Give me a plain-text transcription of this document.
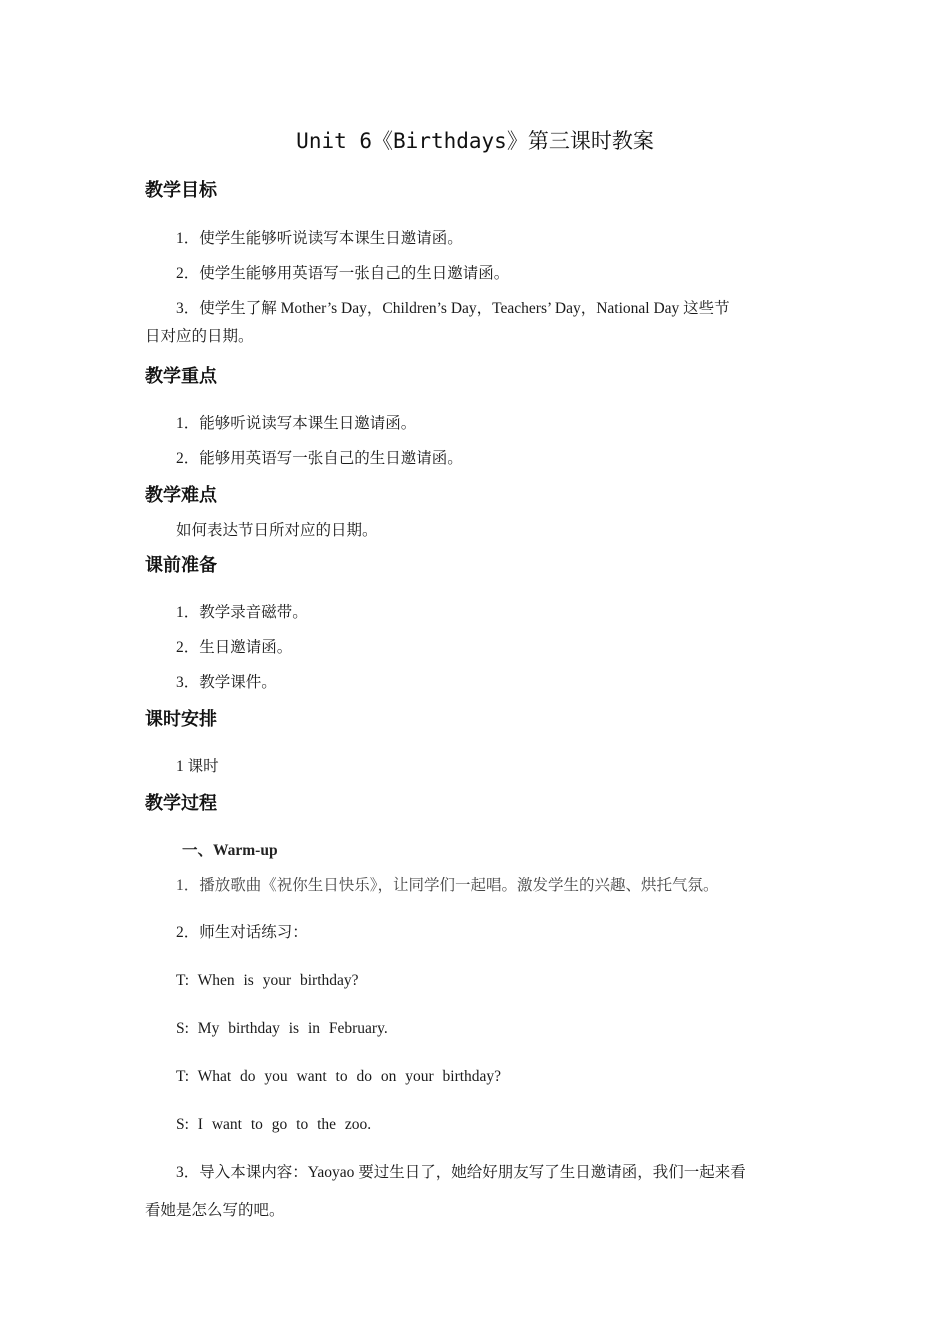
Unit 6《Birthdays》第三课时教案
教学目标
1．使学生能够听说读写本课生日邀请函。
2．使学生能够用英语写一张自己的生日邀请函。
3．使学生了解 Mother’s Day，Children’s Day，Teachers’ Day，National Day 这些节
日对应的日期。
教学重点
1．能够听说读写本课生日邀请函。
2．能够用英语写一张自己的生日邀请函。
教学难点
如何表达节日所对应的日期。
课前准备
1．教学录音磁带。
2．生日邀请函。
3．教学课件。
课时安排
1 课时
教学过程
一、Warm-up
1．播放歌曲《祝你生日快乐》，让同学们一起唱。激发学生的兴趣、烘托气氛。
2．师生对话练习：
T: When is your birthday?
S: My birthday is in February.
T: What do you want to do on your birthday?
S: I want to go to the zoo.
3．导入本课内容：Yaoyao 要过生日了，她给好朋友写了生日邀请函，我们一起来看
看她是怎么写的吧。
